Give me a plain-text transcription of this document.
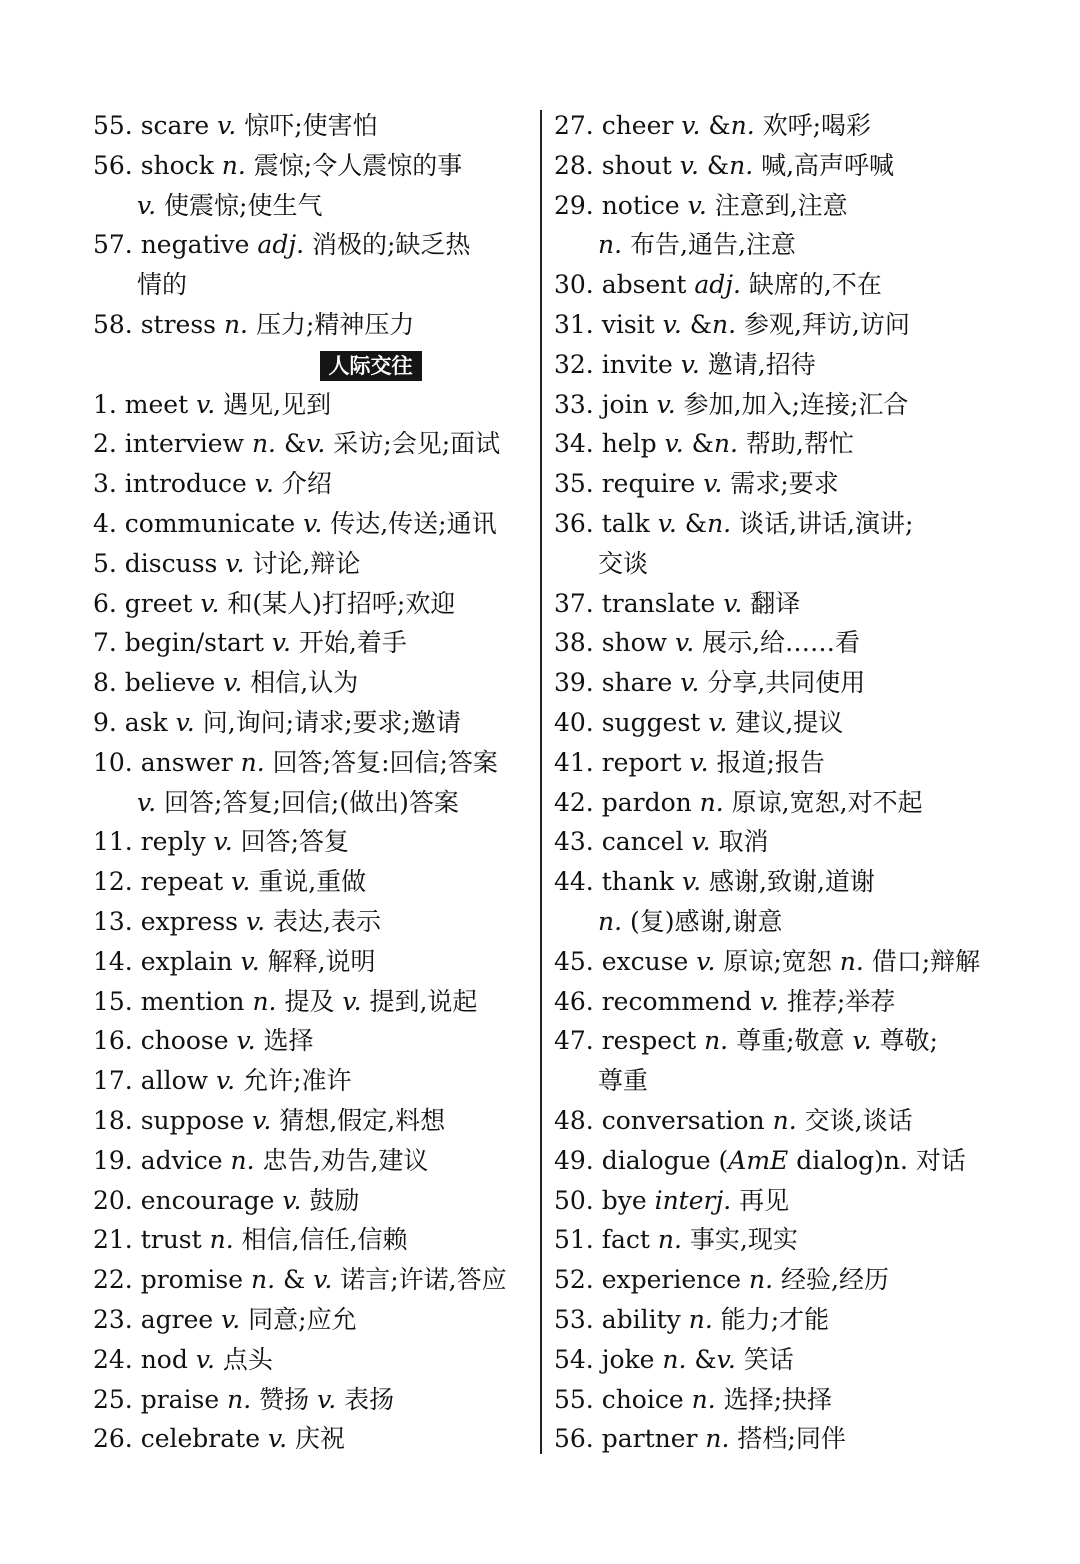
55. scare v. 惊吓;使害怕
56. shock n. 震惊;令人震惊的事
v. 使震惊;使生气
57. negative adj. 消极的;缺乏热
情的
58. stress n. 压力;精神压力
人际交往
1. meet v. 遇见,见到
2. interview n. &v. 采访;会见;面试
3. introduce v. 介绍
4. communicate v. 传达,传送;通讯
5. discuss v. 讨论,辩论
6. greet v. 和(某人)打招呼;欢迎
7. begin/start v. 开始,着手
8. believe v. 相信,认为
9. ask v. 问,询问;请求;要求;邀请
10. answer n. 回答;答复:回信;答案
v. 回答;答复;回信;(做出)答案
11. reply v. 回答;答复
12. repeat v. 重说,重做
13. express v. 表达,表示
14. explain v. 解释,说明
15. mention n. 提及 v. 提到,说起
16. choose v. 选择
17. allow v. 允许;准许
18. suppose v. 猜想,假定,料想
19. advice n. 忠告,劝告,建议
20. encourage v. 鼓励
21. trust n. 相信,信任,信赖
22. promise n. & v. 诺言;许诺,答应
23. agree v. 同意;应允
24. nod v. 点头
25. praise n. 赞扬 v. 表扬
26. celebrate v. 庆祝
27. cheer v. &n. 欢呼;喝彩
28. shout v. &n. 喊,高声呼喊
29. notice v. 注意到,注意
n. 布告,通告,注意
30. absent adj. 缺席的,不在
31. visit v. &n. 参观,拜访,访问
32. invite v. 邀请,招待
33. join v. 参加,加入;连接;汇合
34. help v. &n. 帮助,帮忙
35. require v. 需求;要求
36. talk v. &n. 谈话,讲话,演讲;
交谈
37. translate v. 翻译
38. show v. 展示,给……看
39. share v. 分享,共同使用
40. suggest v. 建议,提议
41. report v. 报道;报告
42. pardon n. 原谅,宽恕,对不起
43. cancel v. 取消
44. thank v. 感谢,致谢,道谢
n. (复)感谢,谢意
45. excuse v. 原谅;宽恕 n. 借口;辩解
46. recommend v. 推荐;举荐
47. respect n. 尊重;敬意 v. 尊敬;
尊重
48. conversation n. 交谈,谈话
49. dialogue (AmE dialog)n. 对话
50. bye interj. 再见
51. fact n. 事实,现实
52. experience n. 经验,经历
53. ability n. 能力;才能
54. joke n. &v. 笑话
55. choice n. 选择;抉择
56. partner n. 搭档;同伴
